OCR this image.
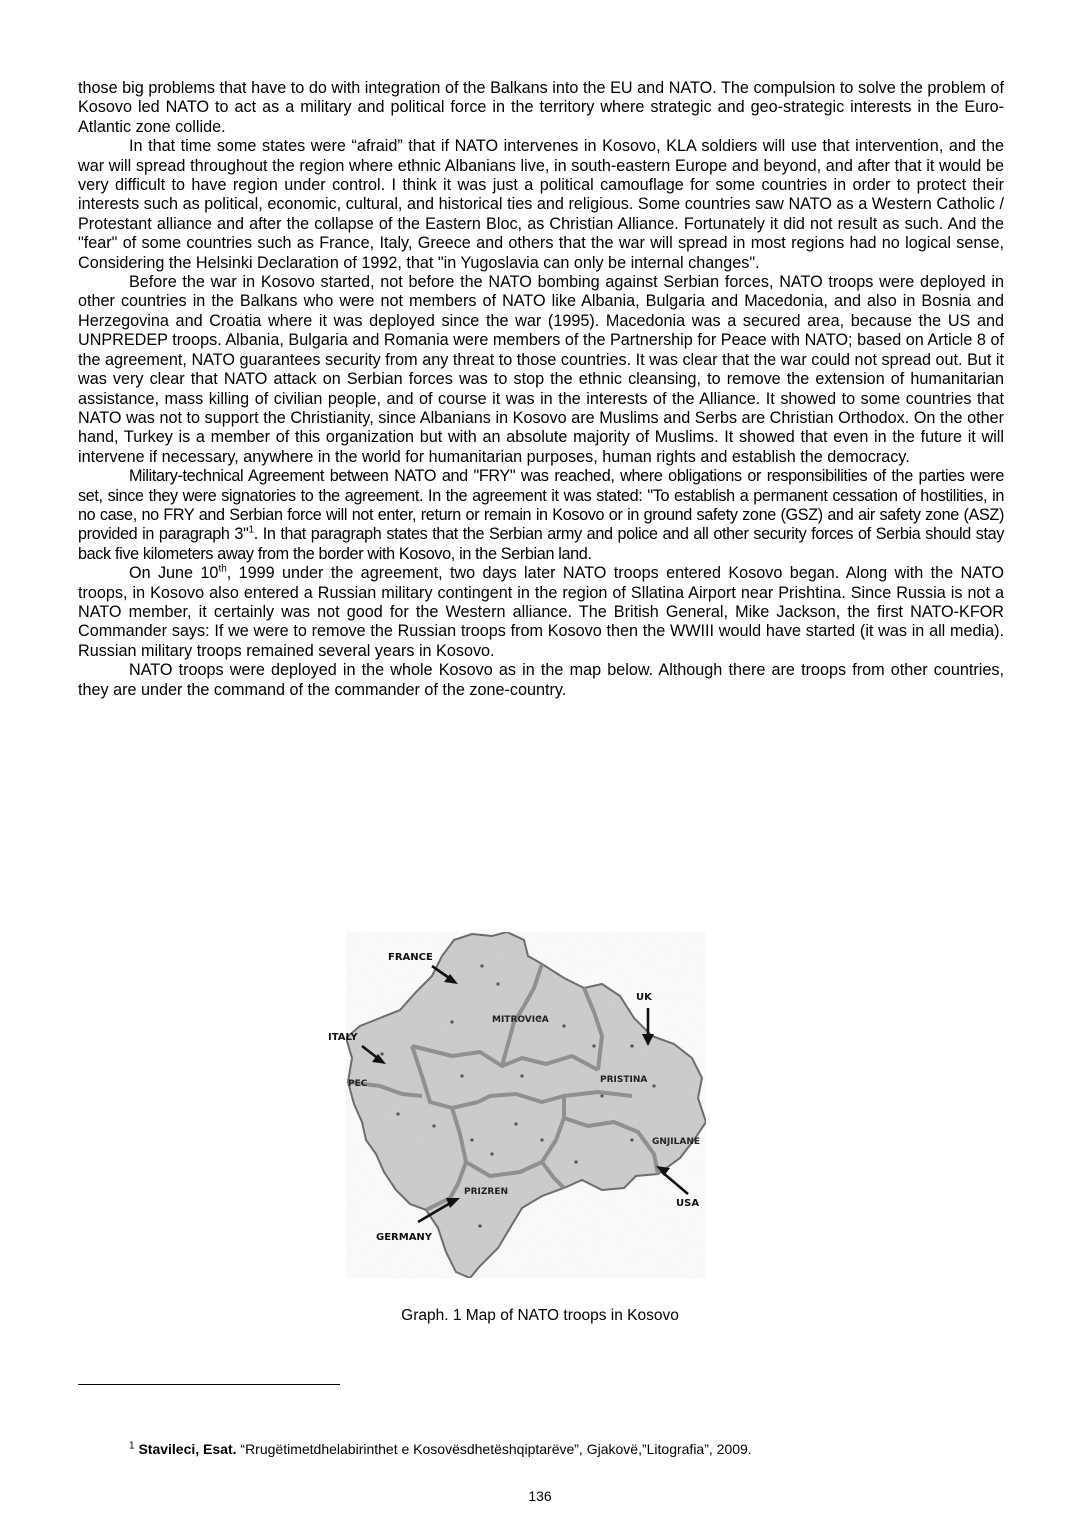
those big problems that have to do with integration of the Balkans into the EU and NATO. The compulsion to solve the problem of Kosovo led NATO to act as a military and political force in the territory where strategic and geo-strategic interests in the Euro- Atlantic zone collide.

In that time some states were “afraid” that if NATO intervenes in Kosovo, KLA soldiers will use that intervention, and the war will spread throughout the region where ethnic Albanians live, in south-eastern Europe and beyond, and after that it would be very difficult to have region under control. I think it was just a political camouflage for some countries in order to protect their interests such as political, economic, cultural, and historical ties and religious. Some countries saw NATO as a Western Catholic / Protestant alliance and after the collapse of the Eastern Bloc, as Christian Alliance. Fortunately it did not result as such. And the "fear" of some countries such as France, Italy, Greece and others that the war will spread in most regions had no logical sense, Considering the Helsinki Declaration of 1992, that "in Yugoslavia can only be internal changes".

Before the war in Kosovo started, not before the NATO bombing against Serbian forces, NATO troops were deployed in other countries in the Balkans who were not members of NATO like Albania, Bulgaria and Macedonia, and also in Bosnia and Herzegovina and Croatia where it was deployed since the war (1995). Macedonia was a secured area, because the US and UNPREDEP troops. Albania, Bulgaria and Romania were members of the Partnership for Peace with NATO; based on Article 8 of the agreement, NATO guarantees security from any threat to those countries. It was clear that the war could not spread out. But it was very clear that NATO attack on Serbian forces was to stop the ethnic cleansing, to remove the extension of humanitarian assistance, mass killing of civilian people, and of course it was in the interests of the Alliance. It showed to some countries that NATO was not to support the Christianity, since Albanians in Kosovo are Muslims and Serbs are Christian Orthodox. On the other hand, Turkey is a member of this organization but with an absolute majority of Muslims. It showed that even in the future it will intervene if necessary, anywhere in the world for humanitarian purposes, human rights and establish the democracy.

Military-technical Agreement between NATO and "FRY" was reached, where obligations or responsibilities of the parties were set, since they were signatories to the agreement. In the agreement it was stated: "To establish a permanent cessation of hostilities, in no case, no FRY and Serbian force will not enter, return or remain in Kosovo or in ground safety zone (GSZ) and air safety zone (ASZ) provided in paragraph 3"$^1$. In that paragraph states that the Serbian army and police and all other security forces of Serbia should stay back five kilometers away from the border with Kosovo, in the Serbian land.

On June 10th, 1999 under the agreement, two days later NATO troops entered Kosovo began. Along with the NATO troops, in Kosovo also entered a Russian military contingent in the region of Sllatina Airport near Prishtina. Since Russia is not a NATO member, it certainly was not good for the Western alliance. The British General, Mike Jackson, the first NATO-KFOR Commander says: If we were to remove the Russian troops from Kosovo then the WWIII would have started (it was in all media). Russian military troops remained several years in Kosovo.

NATO troops were deployed in the whole Kosovo as in the map below. Although there are troops from other countries, they are under the command of the commander of the zone-country.

MITROVICA
PEC	PRISTINA
GNJILANE
PRIZREN
FRANCE
UK
ITALY
USA
GERMANY
Graph. 1 Map of NATO troops in Kosovo
$^1$ Stavileci, Esat. “Rrugëtimetdhelabirinthet e Kosovësdhetëshqiptarëve”, Gjakovë,”Litografia”, 2009.
136
